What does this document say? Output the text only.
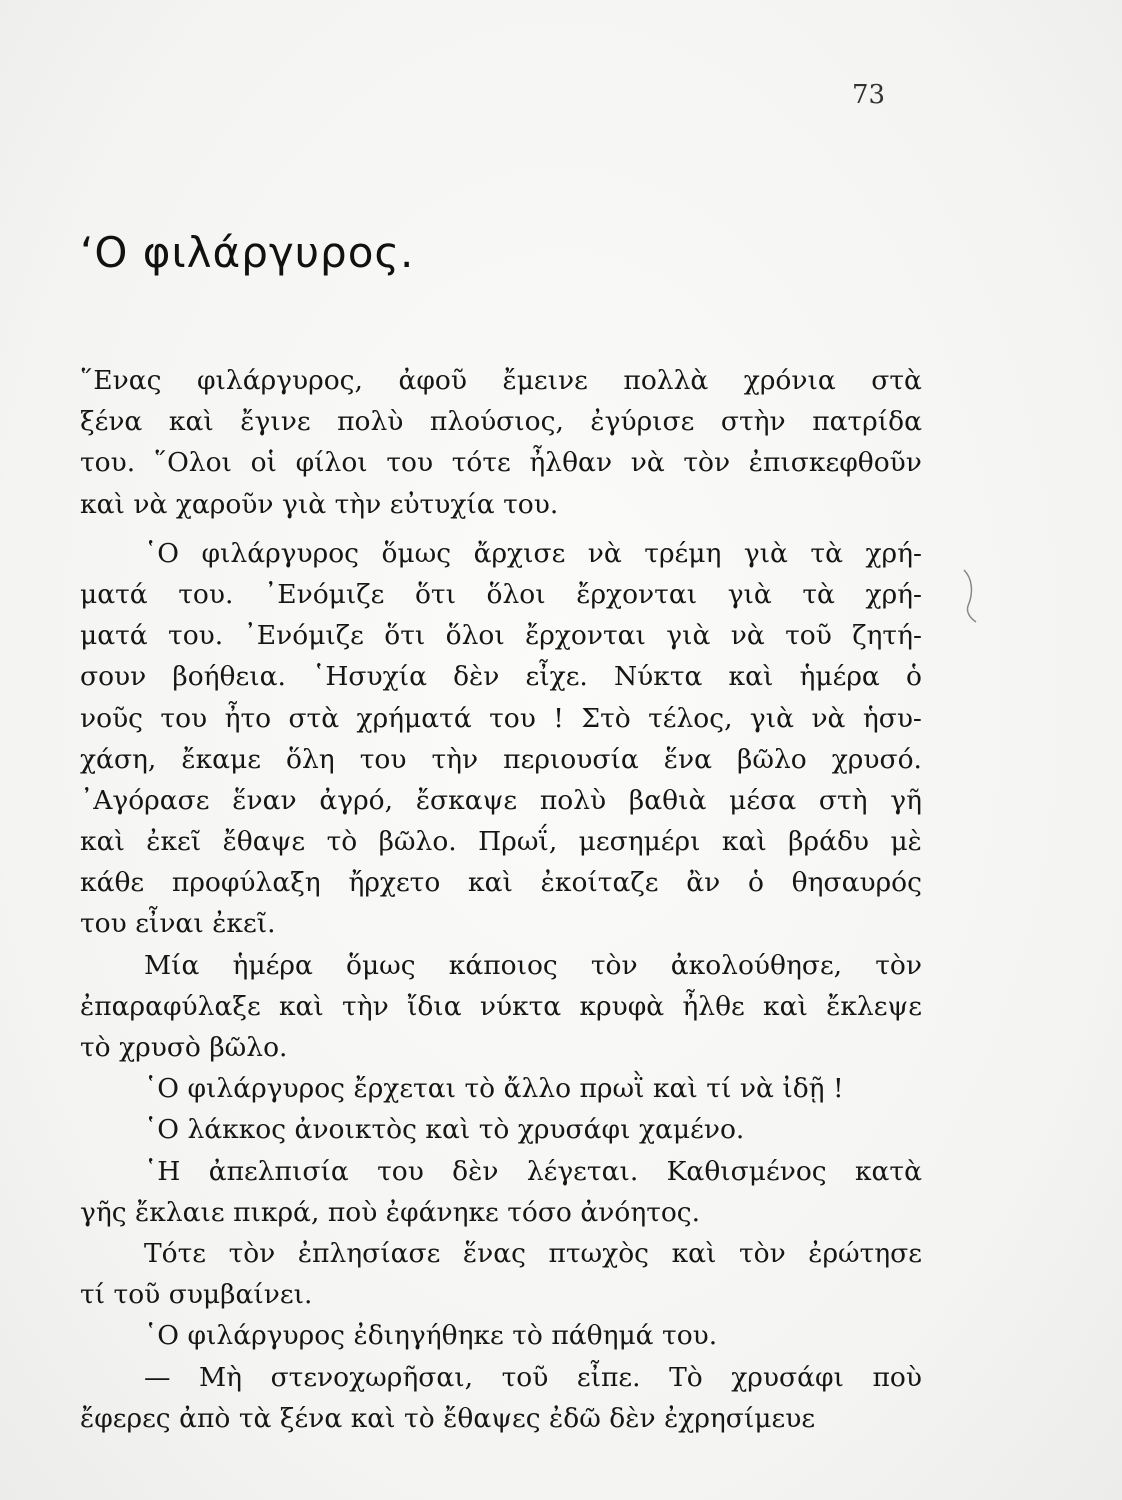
73
‘Ο φιλάργυρος.
῞Ενας φιλάργυρος, ἀφοῦ ἔμεινε πολλὰ χρόνια στὰ
ξένα καὶ ἔγινε πολὺ πλούσιος, ἐγύρισε στὴν πατρίδα
του. ῞Ολοι οἱ φίλοι του τότε ἦλθαν νὰ τὸν ἐπισκεφθοῦν
καὶ νὰ χαροῦν γιὰ τὴν εὐτυχία του.
῾Ο φιλάργυρος ὅμως ἄρχισε νὰ τρέμη γιὰ τὰ χρή-
ματά του. ᾿Ενόμιζε ὅτι ὅλοι ἔρχονται γιὰ τὰ χρή-
ματά του. ᾿Ενόμιζε ὅτι ὅλοι ἔρχονται γιὰ νὰ τοῦ ζητή-
σουν βοήθεια. ῾Ησυχία δὲν εἶχε. Νύκτα καὶ ἡμέρα ὁ
νοῦς του ἦτο στὰ χρήματά του ! Στὸ τέλος, γιὰ νὰ ἡσυ-
χάση, ἔκαμε ὅλη του τὴν περιουσία ἕνα βῶλο χρυσό.
᾿Αγόρασε ἕναν ἀγρό, ἔσκαψε πολὺ βαθιὰ μέσα στὴ γῆ
καὶ ἐκεῖ ἔθαψε τὸ βῶλο. Πρωΐ, μεσημέρι καὶ βράδυ μὲ
κάθε προφύλαξη ἤρχετο καὶ ἐκοίταζε ἂν ὁ θησαυρός
του εἶναι ἐκεῖ.
Μία ἡμέρα ὅμως κάποιος τὸν ἀκολούθησε, τὸν
ἐπαραφύλαξε καὶ τὴν ἴδια νύκτα κρυφὰ ἦλθε καὶ ἔκλεψε
τὸ χρυσὸ βῶλο.
῾Ο φιλάργυρος ἔρχεται τὸ ἄλλο πρωῒ καὶ τί νὰ ἰδῇ !
῾Ο λάκκος ἀνοικτὸς καὶ τὸ χρυσάφι χαμένο.
῾Η ἀπελπισία του δὲν λέγεται. Καθισμένος κατὰ
γῆς ἔκλαιε πικρά, ποὺ ἐφάνηκε τόσο ἀνόητος.
Τότε τὸν ἐπλησίασε ἕνας πτωχὸς καὶ τὸν ἐρώτησε
τί τοῦ συμβαίνει.
῾Ο φιλάργυρος ἐδιηγήθηκε τὸ πάθημά του.
— Μὴ στενοχωρῆσαι, τοῦ εἶπε. Τὸ χρυσάφι ποὺ
ἔφερες ἀπὸ τὰ ξένα καὶ τὸ ἔθαψες ἐδῶ δὲν ἐχρησίμευε
